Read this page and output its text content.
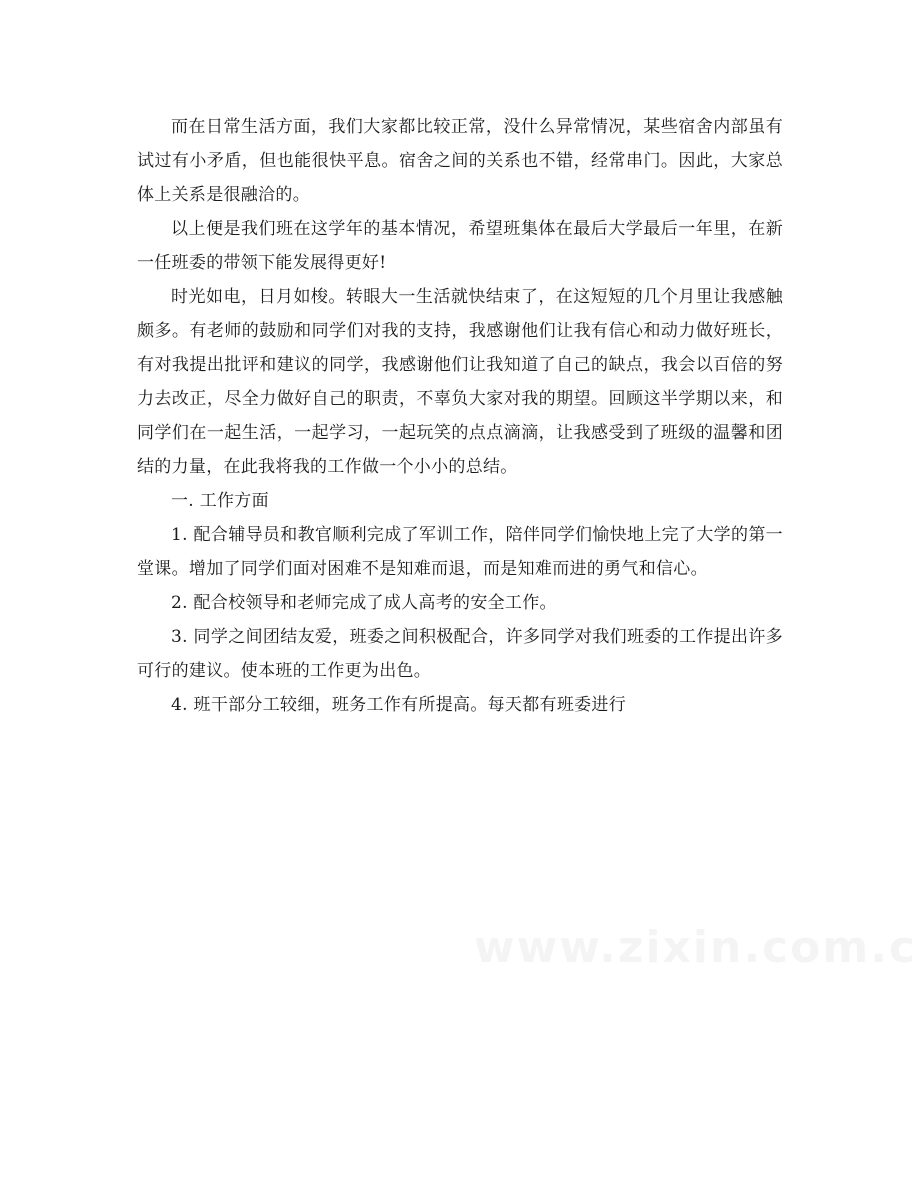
而在日常生活方面，我们大家都比较正常，没什么异常情况，某些宿舍内部虽有试过有小矛盾，但也能很快平息。宿舍之间的关系也不错，经常串门。因此，大家总体上关系是很融洽的。

以上便是我们班在这学年的基本情况，希望班集体在最后大学最后一年里，在新一任班委的带领下能发展得更好!

时光如电，日月如梭。转眼大一生活就快结束了，在这短短的几个月里让我感触颇多。有老师的鼓励和同学们对我的支持，我感谢他们让我有信心和动力做好班长，有对我提出批评和建议的同学，我感谢他们让我知道了自己的缺点，我会以百倍的努力去改正，尽全力做好自己的职责，不辜负大家对我的期望。回顾这半学期以来，和同学们在一起生活，一起学习，一起玩笑的点点滴滴，让我感受到了班级的温馨和团结的力量，在此我将我的工作做一个小小的总结。

一. 工作方面

1. 配合辅导员和教官顺利完成了军训工作，陪伴同学们愉快地上完了大学的第一堂课。增加了同学们面对困难不是知难而退，而是知难而进的勇气和信心。

2. 配合校领导和老师完成了成人高考的安全工作。

3. 同学之间团结友爱，班委之间积极配合，许多同学对我们班委的工作提出许多可行的建议。使本班的工作更为出色。

4. 班干部分工较细，班务工作有所提高。每天都有班委进行
